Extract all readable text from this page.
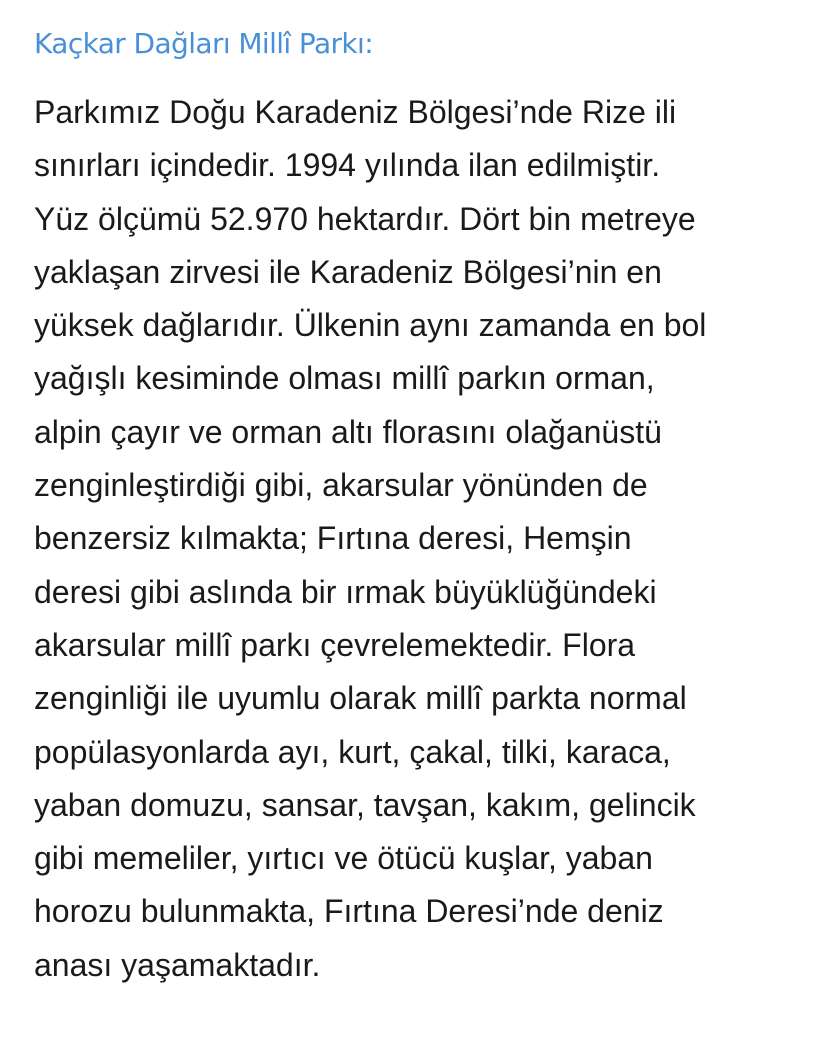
Kaçkar Dağları Millî Parkı:

Parkımız Doğu Karadeniz Bölgesi’nde Rize ili
sınırları içindedir. 1994 yılında ilan edilmiştir.
Yüz ölçümü 52.970 hektardır. Dört bin metreye
yaklaşan zirvesi ile Karadeniz Bölgesi’nin en
yüksek dağlarıdır. Ülkenin aynı zamanda en bol
yağışlı kesiminde olması millî parkın orman,
alpin çayır ve orman altı florasını olağanüstü
zenginleştirdiği gibi, akarsular yönünden de
benzersiz kılmakta; Fırtına deresi, Hemşin
deresi gibi aslında bir ırmak büyüklüğündeki
akarsular millî parkı çevrelemektedir. Flora
zenginliği ile uyumlu olarak millî parkta normal
popülasyonlarda ayı, kurt, çakal, tilki, karaca,
yaban domuzu, sansar, tavşan, kakım, gelincik
gibi memeliler, yırtıcı ve ötücü kuşlar, yaban
horozu bulunmakta, Fırtına Deresi’nde deniz
anası yaşamaktadır.
